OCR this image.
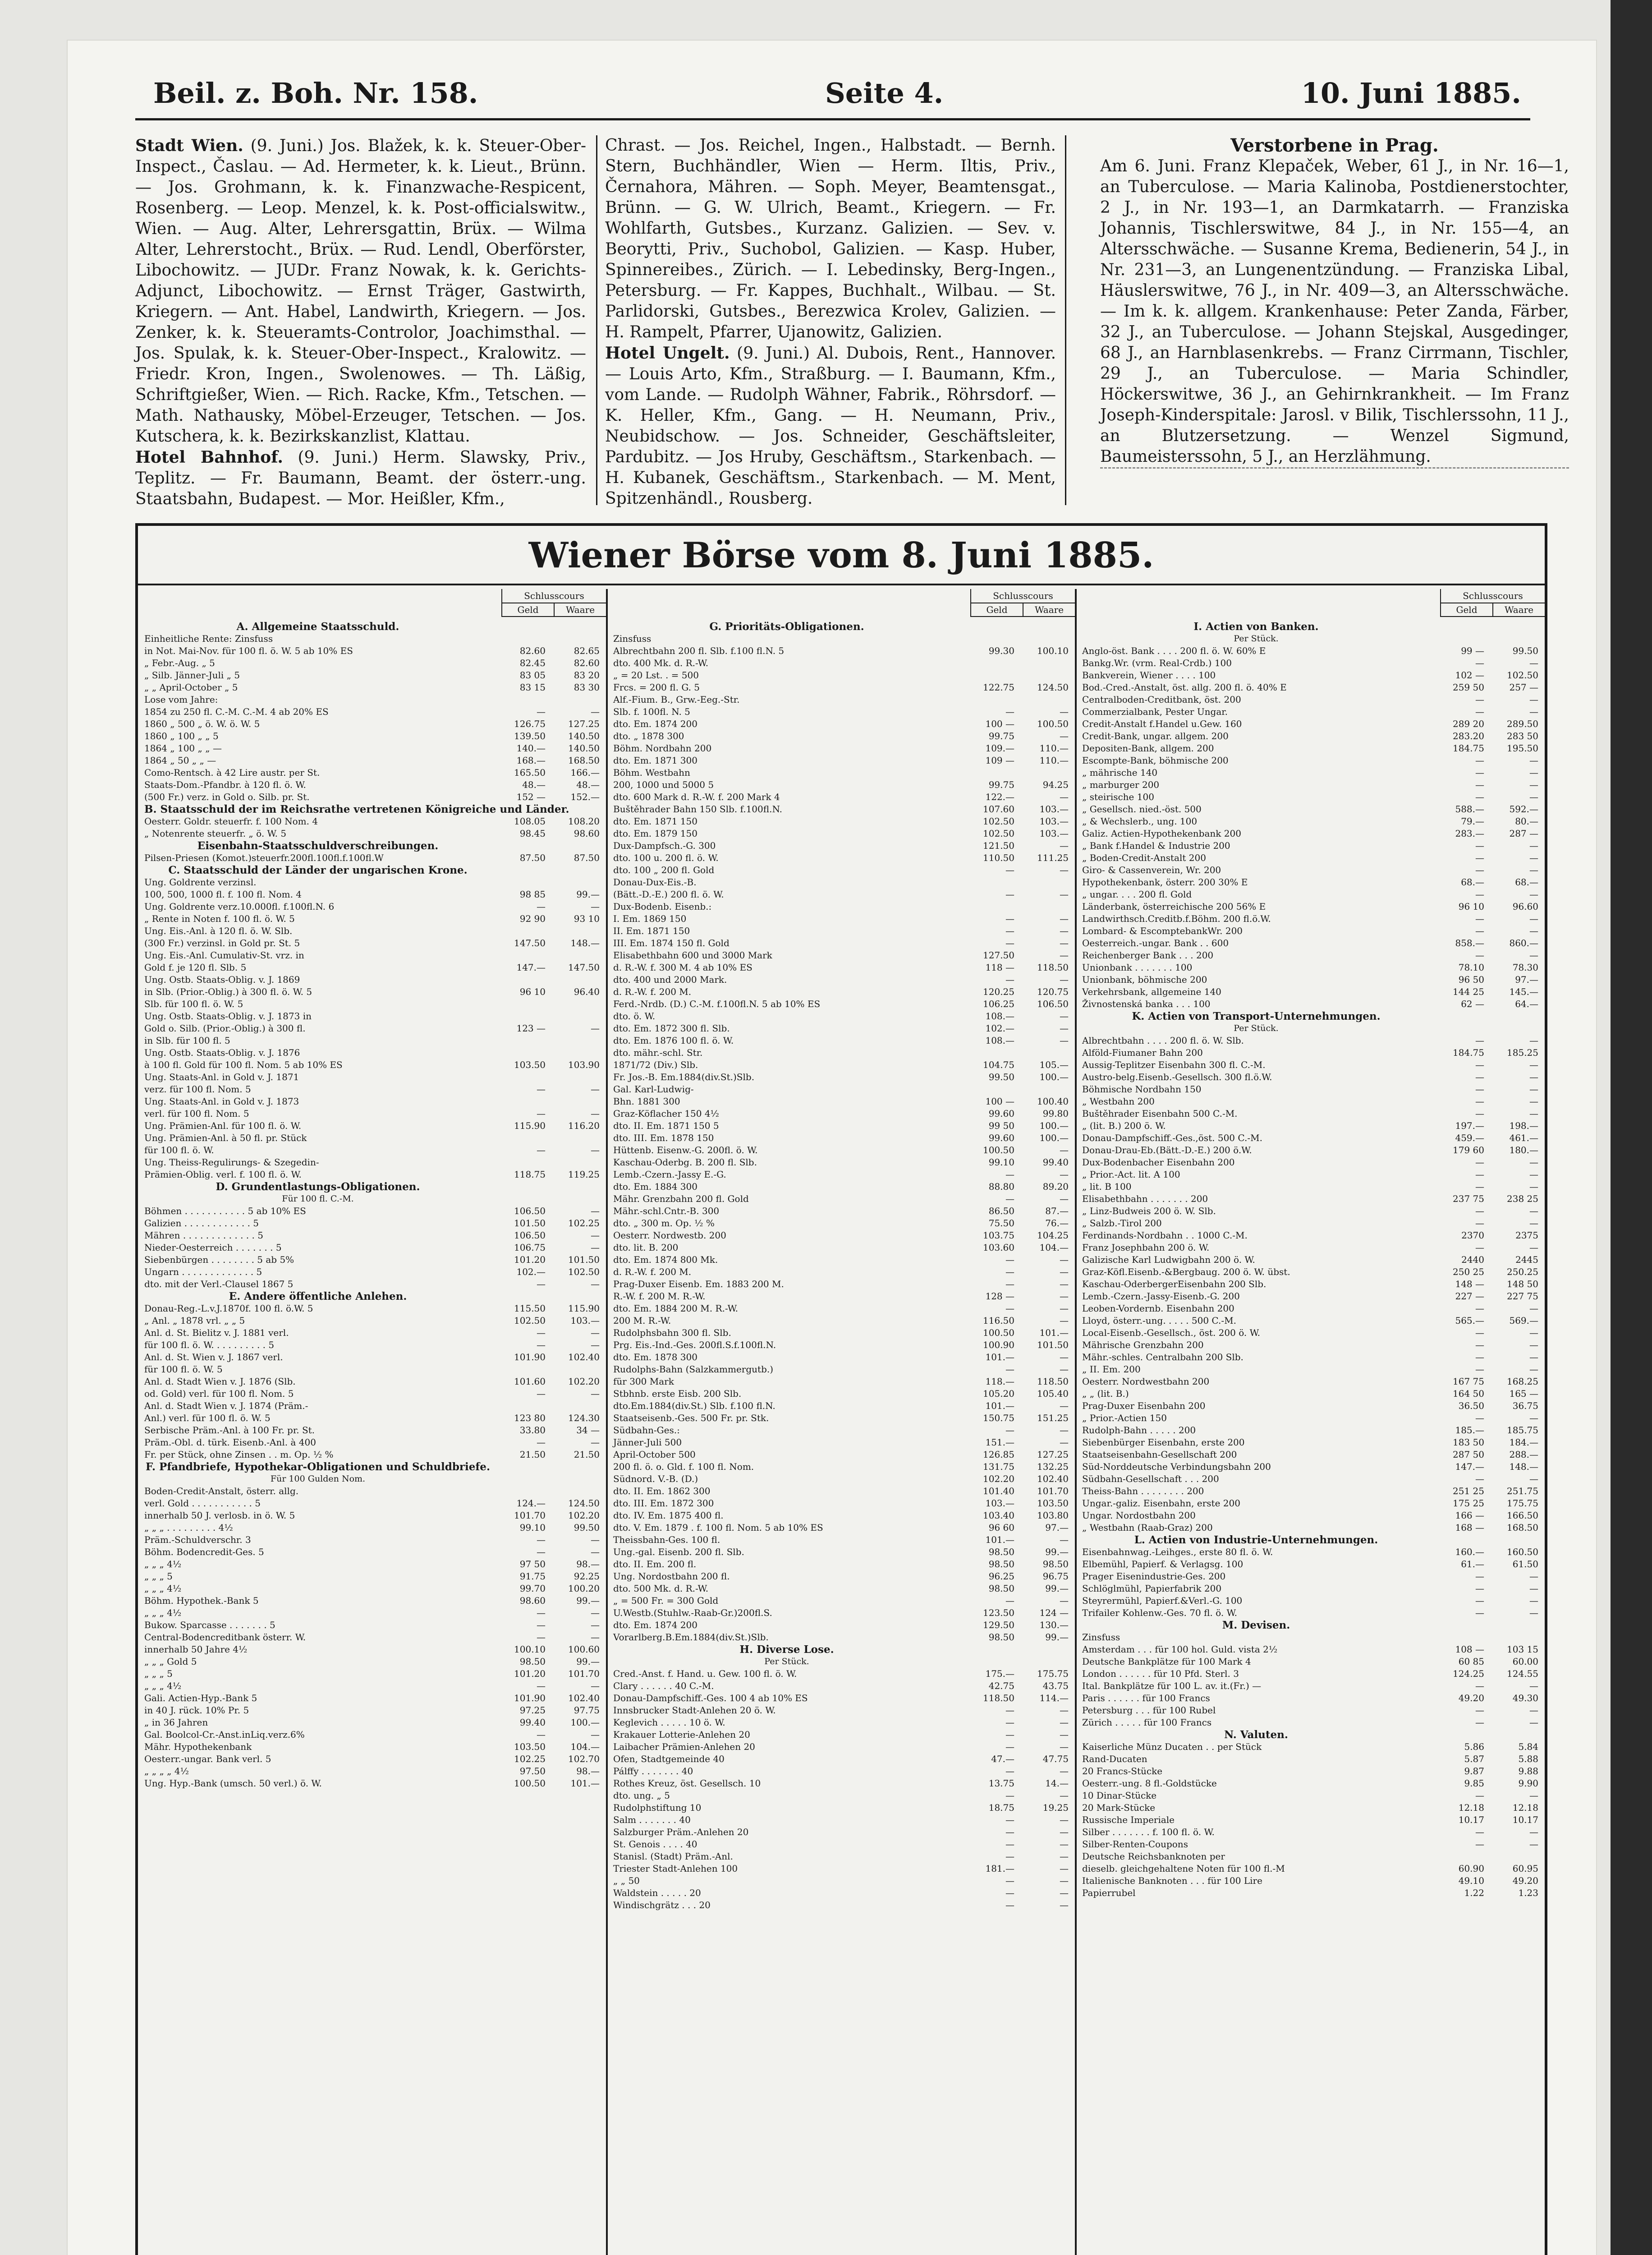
Beil. z. Boh. Nr. 158.	Seite 4.	10. Juni 1885.

Stadt Wien. (9. Juni.) Jos. Blažek, k. k. Steuer-Ober-Inspect., Časlau. — Ad. Hermeter, k. k. Lieut., Brünn. — Jos. Grohmann, k. k. Finanzwache-Respicent, Rosenberg. — Leop. Menzel, k. k. Post-officialswitw., Wien. — Aug. Alter, Lehrersgattin, Brüx. — Wilma Alter, Lehrerstocht., Brüx. — Rud. Lendl, Oberförster, Libochowitz. — JUDr. Franz Nowak, k. k. Gerichts-Adjunct, Libochowitz. — Ernst Träger, Gastwirth, Kriegern. — Ant. Habel, Landwirth, Kriegern. — Jos. Zenker, k. k. Steueramts-Controlor, Joachimsthal. — Jos. Spulak, k. k. Steuer-Ober-Inspect., Kralowitz. — Friedr. Kron, Ingen., Swolenowes. — Th. Läßig, Schriftgießer, Wien. — Rich. Racke, Kfm., Tetschen. — Math. Nathausky, Möbel-Erzeuger, Tetschen. — Jos. Kutschera, k. k. Bezirkskanzlist, Klattau.

Hotel Bahnhof. (9. Juni.) Herm. Slawsky, Priv., Teplitz. — Fr. Baumann, Beamt. der österr.-ung. Staatsbahn, Budapest. — Mor. Heißler, Kfm.,

Chrast. — Jos. Reichel, Ingen., Halbstadt. — Bernh. Stern, Buchhändler, Wien — Herm. Iltis, Priv., Černahora, Mähren. — Soph. Meyer, Beamtensgat., Brünn. — G. W. Ulrich, Beamt., Kriegern. — Fr. Wohlfarth, Gutsbes., Kurzanz. Galizien. — Sev. v. Beorytti, Priv., Suchobol, Galizien. — Kasp. Huber, Spinnereibes., Zürich. — I. Lebedinsky, Berg-Ingen., Petersburg. — Fr. Kappes, Buchhalt., Wilbau. — St. Parlidorski, Gutsbes., Berezwica Krolev, Galizien. — H. Rampelt, Pfarrer, Ujanowitz, Galizien.

Hotel Ungelt. (9. Juni.) Al. Dubois, Rent., Hannover. — Louis Arto, Kfm., Straßburg. — I. Baumann, Kfm., vom Lande. — Rudolph Wähner, Fabrik., Röhrsdorf. — K. Heller, Kfm., Gang. — H. Neumann, Priv., Neubidschow. — Jos. Schneider, Geschäftsleiter, Pardubitz. — Jos Hruby, Geschäftsm., Starkenbach. — H. Kubanek, Geschäftsm., Starkenbach. — M. Ment, Spitzenhändl., Rousberg.

Verstorbene in Prag.

Am 6. Juni. Franz Klepaček, Weber, 61 J., in Nr. 16—1, an Tuberculose. — Maria Kalinoba, Postdienerstochter, 2 J., in Nr. 193—1, an Darmkatarrh. — Franziska Johannis, Tischlerswitwe, 84 J., in Nr. 155—4, an Altersschwäche. — Susanne Krema, Bedienerin, 54 J., in Nr. 231—3, an Lungenentzündung. — Franziska Libal, Häuslerswitwe, 76 J., in Nr. 409—3, an Altersschwäche. — Im k. k. allgem. Krankenhause: Peter Zanda, Färber, 32 J., an Tuberculose. — Johann Stejskal, Ausgedinger, 68 J., an Harnblasenkrebs. — Franz Cirrmann, Tischler, 29 J., an Tuberculose. — Maria Schindler, Höckerswitwe, 36 J., an Gehirnkrankheit. — Im Franz Joseph-Kinderspitale: Jarosl. v Bilik, Tischlerssohn, 11 J., an Blutzersetzung. — Wenzel Sigmund, Baumeisterssohn, 5 J., an Herzlähmung.

Wiener Börse vom 8. Juni 1885.
Schlusscours
Geld	Waare
A. Allgemeine Staatsschuld.
Einheitliche Rente: Zinsfuss
in Not. Mai-Nov. für 100 fl. ö. W. 5 ab 10% ES	82.60	82.65
„ Febr.-Aug. „ 5	82.45	82.60
„ Silb. Jänner-Juli „ 5	83 05	83 20
„ „ April-October „ 5	83 15	83 30
Lose vom Jahre:
1854 zu 250 fl. C.-M. C.-M. 4 ab 20% ES	—	—
1860 „ 500 „ ö. W. ö. W. 5	126.75	127.25
1860 „ 100 „ „ 5	139.50	140.50
1864 „ 100 „ „ —	140.—	140.50
1864 „ 50 „ „ —	168.—	168.50
Como-Rentsch. à 42 Lire austr. per St.	165.50	166.—
Staats-Dom.-Pfandbr. à 120 fl. ö. W.	48.—	48.—
(500 Fr.) verz. in Gold o. Silb. pr. St.	152 —	152.—
B. Staatsschuld der im Reichsrathe vertretenen Königreiche und Länder.
Oesterr. Goldr. steuerfr. f. 100 Nom. 4	108.05	108.20
„ Notenrente steuerfr. „ ö. W. 5	98.45	98.60
Eisenbahn-Staatsschuldverschreibungen.
Pilsen-Priesen (Komot.)steuerfr.200fl.100fl.f.100fl.W	87.50	87.50
C. Staatsschuld der Länder der ungarischen Krone.
Ung. Goldrente verzinsl.
100, 500, 1000 fl. f. 100 fl. Nom. 4	98 85	99.—
Ung. Goldrente verz.10.000fl. f.100fl.N. 6	—	—
„ Rente in Noten f. 100 fl. ö. W. 5	92 90	93 10
Ung. Eis.-Anl. à 120 fl. ö. W. Slb.
(300 Fr.) verzinsl. in Gold pr. St. 5	147.50	148.—
Ung. Eis.-Anl. Cumulativ-St. vrz. in
Gold f. je 120 fl. Slb. 5	147.—	147.50
Ung. Ostb. Staats-Oblig. v. J. 1869
in Slb. (Prior.-Oblig.) à 300 fl. ö. W. 5	96 10	96.40
Slb. für 100 fl. ö. W. 5
Ung. Ostb. Staats-Oblig. v. J. 1873 in
Gold o. Silb. (Prior.-Oblig.) à 300 fl.	123 —	—
in Slb. für 100 fl. 5
Ung. Ostb. Staats-Oblig. v. J. 1876
à 100 fl. Gold für 100 fl. Nom. 5 ab 10% ES	103.50	103.90
Ung. Staats-Anl. in Gold v. J. 1871
verz. für 100 fl. Nom. 5	—	—
Ung. Staats-Anl. in Gold v. J. 1873
verl. für 100 fl. Nom. 5	—	—
Ung. Prämien-Anl. für 100 fl. ö. W.	115.90	116.20
Ung. Prämien-Anl. à 50 fl. pr. Stück
für 100 fl. ö. W.	—	—
Ung. Theiss-Regulirungs- & Szegedin-
Prämien-Oblig. verl. f. 100 fl. ö. W.	118.75	119.25
D. Grundentlastungs-Obligationen.
Für 100 fl. C.-M.
Böhmen . . . . . . . . . . . 5 ab 10% ES	106.50	—
Galizien . . . . . . . . . . . . 5	101.50	102.25
Mähren . . . . . . . . . . . . . 5	106.50	—
Nieder-Oesterreich . . . . . . . 5	106.75	—
Siebenbürgen . . . . . . . . 5 ab 5%	101.20	101.50
Ungarn . . . . . . . . . . . . . 5	102.—	102.50
dto. mit der Verl.-Clausel 1867 5	—	—
E. Andere öffentliche Anlehen.
Donau-Reg.-L.v.J.1870f. 100 fl. ö.W. 5	115.50	115.90
„ Anl. „ 1878 vrl. „ „ 5	102.50	103.—
Anl. d. St. Bielitz v. J. 1881 verl.	—	—
für 100 fl. ö. W. . . . . . . . . . 5	—	—
Anl. d. St. Wien v. J. 1867 verl.	101.90	102.40
für 100 fl. ö. W. 5
Anl. d. Stadt Wien v. J. 1876 (Slb.	101.60	102.20
od. Gold) verl. für 100 fl. Nom. 5	—	—
Anl. d. Stadt Wien v. J. 1874 (Präm.-
Anl.) verl. für 100 fl. ö. W. 5	123 80	124.30
Serbische Präm.-Anl. à 100 Fr. pr. St.	33.80	34 —
Präm.-Obl. d. türk. Eisenb.-Anl. à 400	—	—
Fr. per Stück, ohne Zinsen . . m. Op. ½ %	21.50	21.50
F. Pfandbriefe, Hypothekar-Obligationen und Schuldbriefe.
Für 100 Gulden Nom.
Boden-Credit-Anstalt, österr. allg.
verl. Gold . . . . . . . . . . . 5	124.—	124.50
innerhalb 50 J. verlosb. in ö. W. 5	101.70	102.20
„ „ „ . . . . . . . . . 4½	99.10	99.50
Präm.-Schuldverschr. 3	—	—
Böhm. Bodencredit-Ges. 5	—	—
„ „ „ 4½	97 50	98.—
„ „ „ 5	91.75	92.25
„ „ „ 4½	99.70	100.20
Böhm. Hypothek.-Bank 5	98.60	99.—
„ „ „ 4½	—	—
Bukow. Sparcasse . . . . . . . 5	—	—
Central-Bodencreditbank österr. W.	—	—
innerhalb 50 Jahre 4½	100.10	100.60
„ „ „ Gold 5	98.50	99.—
„ „ „ 5	101.20	101.70
„ „ „ 4½	—	—
Gali. Actien-Hyp.-Bank 5	101.90	102.40
in 40 J. rück. 10% Pr. 5	97.25	97.75
„ in 36 Jahren	99.40	100.—
Gal. Boolcol-Cr.-Anst.inLiq.verz.6%	—	—
Mähr. Hypothekenbank	103.50	104.—
Oesterr.-ungar. Bank verl. 5	102.25	102.70
„ „ „ „ 4½	97.50	98.—
Ung. Hyp.-Bank (umsch. 50 verl.) ö. W.	100.50	101.—
Schlusscours
Geld	Waare
G. Prioritäts-Obligationen.
Zinsfuss
Albrechtbahn 200 fl. Slb. f.100 fl.N. 5	99.30	100.10
dto. 400 Mk. d. R.-W.
„ = 20 Lst. . = 500
Frcs. = 200 fl. G. 5	122.75	124.50
Alf.-Fium. B., Grw.-Eeg.-Str.
Slb. f. 100fl. N. 5	—	—
dto. Em. 1874 200	100 —	100.50
dto. „ 1878 300	99.75	—
Böhm. Nordbahn 200	109.—	110.—
dto. Em. 1871 300	109 —	110.—
Böhm. Westbahn
200, 1000 und 5000 5	99.75	94.25
dto. 600 Mark d. R.-W. f. 200 Mark 4	122.—	—
Buštěhrader Bahn 150 Slb. f.100fl.N.	107.60	103.—
dto. Em. 1871 150	102.50	103.—
dto. Em. 1879 150	102.50	103.—
Dux-Dampfsch.-G. 300	121.50	—
dto. 100 u. 200 fl. ö. W.	110.50	111.25
dto. 100 „ 200 fl. Gold	—	—
Donau-Dux-Eis.-B.
(Bätt.-D.-E.) 200 fl. ö. W.	—	—
Dux-Bodenb. Eisenb.:
I. Em. 1869 150	—	—
II. Em. 1871 150	—	—
III. Em. 1874 150 fl. Gold	—	—
Elisabethbahn 600 und 3000 Mark	127.50	—
d. R.-W. f. 300 M. 4 ab 10% ES	118 —	118.50
dto. 400 und 2000 Mark.	—	—
d. R.-W. f. 200 M.	120.25	120.75
Ferd.-Nrdb. (D.) C.-M. f.100fl.N. 5 ab 10% ES	106.25	106.50
dto. ö. W.	108.—	—
dto. Em. 1872 300 fl. Slb.	102.—	—
dto. Em. 1876 100 fl. ö. W.	108.—	—
dto. mähr.-schl. Str.
1871/72 (Div.) Slb.	104.75	105.—
Fr. Jos.-B. Em.1884(div.St.)Slb.	99.50	100.—
Gal. Karl-Ludwig-
Bhn. 1881 300	100 —	100.40
Graz-Köflacher 150 4½	99.60	99.80
dto. II. Em. 1871 150 5	99 50	100.—
dto. III. Em. 1878 150	99.60	100.—
Hüttenb. Eisenw.-G. 200fl. ö. W.	100.50	—
Kaschau-Oderbg. B. 200 fl. Slb.	99.10	99.40
Lemb.-Czern.-Jassy E.-G.	—	—
dto. Em. 1884 300	88.80	89.20
Mähr. Grenzbahn 200 fl. Gold	—	—
Mähr.-schl.Cntr.-B. 300	86.50	87.—
dto. „ 300 m. Op. ½ %	75.50	76.—
Oesterr. Nordwestb. 200	103.75	104.25
dto. lit. B. 200	103.60	104.—
dto. Em. 1874 800 Mk.	—	—
d. R.-W. f. 200 M.	—	—
Prag-Duxer Eisenb. Em. 1883 200 M.	—	—
R.-W. f. 200 M. R.-W.	128 —	—
dto. Em. 1884 200 M. R.-W.	—	—
200 M. R.-W.	116.50	—
Rudolphsbahn 300 fl. Slb.	100.50	101.—
Prg. Eis.-Ind.-Ges. 200fl.S.f.100fl.N.	100.90	101.50
dto. Em. 1878 300	101.—	—
Rudolphs-Bahn (Salzkammergutb.)	—	—
für 300 Mark	118.—	118.50
Stbhnb. erste Eisb. 200 Slb.	105.20	105.40
dto.Em.1884(div.St.) Slb. f.100 fl.N.	101.—	—
Staatseisenb.-Ges. 500 Fr. pr. Stk.	150.75	151.25
Südbahn-Ges.:	—	—
Jänner-Juli 500	151.—	—
April-October 500	126.85	127.25
200 fl. ö. o. Gld. f. 100 fl. Nom.	131.75	132.25
Südnord. V.-B. (D.)	102.20	102.40
dto. II. Em. 1862 300	101.40	101.70
dto. III. Em. 1872 300	103.—	103.50
dto. IV. Em. 1875 400 fl.	103.40	103.80
dto. V. Em. 1879 . f. 100 fl. Nom. 5 ab 10% ES	96 60	97.—
Theissbahn-Ges. 100 fl.	101.—	—
Ung.-gal. Eisenb. 200 fl. Slb.	98.50	99.—
dto. II. Em. 200 fl.	98.50	98.50
Ung. Nordostbahn 200 fl.	96.25	96.75
dto. 500 Mk. d. R.-W.	98.50	99.—
„ = 500 Fr. = 300 Gold	—	—
U.Westb.(Stuhlw.-Raab-Gr.)200fl.S.	123.50	124 —
dto. Em. 1874 200	129.50	130.—
Vorarlberg.B.Em.1884(div.St.)Slb.	98.50	99.—
H. Diverse Lose.
Per Stück.
Cred.-Anst. f. Hand. u. Gew. 100 fl. ö. W.	175.—	175.75
Clary . . . . . . 40 C.-M.	42.75	43.75
Donau-Dampfschiff.-Ges. 100 4 ab 10% ES	118.50	114.—
Innsbrucker Stadt-Anlehen 20 ö. W.	—	—
Keglevich . . . . . 10 ö. W.	—	—
Krakauer Lotterie-Anlehen 20	—	—
Laibacher Prämien-Anlehen 20	—	—
Ofen, Stadtgemeinde 40	47.—	47.75
Pálffy . . . . . . . 40	—	—
Rothes Kreuz, öst. Gesellsch. 10	13.75	14.—
dto. ung. „ 5	—	—
Rudolphstiftung 10	18.75	19.25
Salm . . . . . . . 40	—	—
Salzburger Präm.-Anlehen 20	—	—
St. Genois . . . . 40	—	—
Stanisl. (Stadt) Präm.-Anl.	—	—
Triester Stadt-Anlehen 100	181.—	—
„ „ 50	—	—
Waldstein . . . . . 20	—	—
Windischgrätz . . . 20	—	—
Schlusscours
Geld	Waare
I. Actien von Banken.
Per Stück.
Anglo-öst. Bank . . . . 200 fl. ö. W. 60% E	99 —	99.50
Bankg.Wr. (vrm. Real-Crdb.) 100	—	—
Bankverein, Wiener . . . . 100	102 —	102.50
Bod.-Cred.-Anstalt, öst. allg. 200 fl. ö. 40% E	259 50	257 —
Centralboden-Creditbank, öst. 200	—	—
Commerzialbank, Pester Ungar.	—	—
Credit-Anstalt f.Handel u.Gew. 160	289 20	289.50
Credit-Bank, ungar. allgem. 200	283.20	283 50
Depositen-Bank, allgem. 200	184.75	195.50
Escompte-Bank, böhmische 200	—	—
„ mährische 140	—	—
„ marburger 200	—	—
„ steirische 100	—	—
„ Gesellsch. nied.-öst. 500	588.—	592.—
„ & Wechslerb., ung. 100	79.—	80.—
Galiz. Actien-Hypothekenbank 200	283.—	287 —
„ Bank f.Handel & Industrie 200	—	—
„ Boden-Credit-Anstalt 200	—	—
Giro- & Cassenverein, Wr. 200	—	—
Hypothekenbank, österr. 200 30% E	68.—	68.—
„ ungar. . . . 200 fl. Gold	—	—
Länderbank, österreichische 200 56% E	96 10	96.60
Landwirthsch.Creditb.f.Böhm. 200 fl.ö.W.	—	—
Lombard- & EscomptebankWr. 200	—	—
Oesterreich.-ungar. Bank . . 600	858.—	860.—
Reichenberger Bank . . . 200	—	—
Unionbank . . . . . . . 100	78.10	78.30
Unionbank, böhmische 200	96 50	97.—
Verkehrsbank, allgemeine 140	144 25	145.—
Živnostenská banka . . . 100	62 —	64.—
K. Actien von Transport-Unternehmungen.
Per Stück.
Albrechtbahn . . . . 200 fl. ö. W. Slb.	—	—
Alföld-Fiumaner Bahn 200	184.75	185.25
Aussig-Teplitzer Eisenbahn 300 fl. C.-M.	—	—
Austro-belg.Eisenb.-Gesellsch. 300 fl.ö.W.	—	—
Böhmische Nordbahn 150	—	—
„ Westbahn 200	—	—
Buštěhrader Eisenbahn 500 C.-M.	—	—
„ (lit. B.) 200 ö. W.	197.—	198.—
Donau-Dampfschiff.-Ges.,öst. 500 C.-M.	459.—	461.—
Donau-Drau-Eb.(Bätt.-D.-E.) 200 ö.W.	179 60	180.—
Dux-Bodenbacher Eisenbahn 200	—	—
„ Prior.-Act. lit. A 100	—	—
„ lit. B 100	—	—
Elisabethbahn . . . . . . . 200	237 75	238 25
„ Linz-Budweis 200 ö. W. Slb.	—	—
„ Salzb.-Tirol 200	—	—
Ferdinands-Nordbahn . . 1000 C.-M.	2370	2375
Franz Josephbahn 200 ö. W.	—	—
Galizische Karl Ludwigbahn 200 ö. W.	2440	2445
Graz-Köfl.Eisenb.-&Bergbaug. 200 ö. W. übst.	250 25	250.25
Kaschau-OderbergerEisenbahn 200 Slb.	148 —	148 50
Lemb.-Czern.-Jassy-Eisenb.-G. 200	227 —	227 75
Leoben-Vordernb. Eisenbahn 200	—	—
Lloyd, österr.-ung. . . . . 500 C.-M.	565.—	569.—
Local-Eisenb.-Gesellsch., öst. 200 ö. W.	—	—
Mährische Grenzbahn 200	—	—
Mähr.-schles. Centralbahn 200 Slb.	—	—
„ II. Em. 200	—	—
Oesterr. Nordwestbahn 200	167 75	168.25
„ „ (lit. B.)	164 50	165 —
Prag-Duxer Eisenbahn 200	36.50	36.75
„ Prior.-Actien 150	—	—
Rudolph-Bahn . . . . . 200	185.—	185.75
Siebenbürger Eisenbahn, erste 200	183 50	184.—
Staatseisenbahn-Gesellschaft 200	287 50	288.—
Süd-Norddeutsche Verbindungsbahn 200	147.—	148.—
Südbahn-Gesellschaft . . . 200	—	—
Theiss-Bahn . . . . . . . . 200	251 25	251.75
Ungar.-galiz. Eisenbahn, erste 200	175 25	175.75
Ungar. Nordostbahn 200	166 —	166.50
„ Westbahn (Raab-Graz) 200	168 —	168.50
L. Actien von Industrie-Unternehmungen.
Eisenbahnwag.-Leihges., erste 80 fl. ö. W.	160.—	160.50
Elbemühl, Papierf. & Verlagsg. 100	61.—	61.50
Prager Eisenindustrie-Ges. 200	—	—
Schlöglmühl, Papierfabrik 200	—	—
Steyrermühl, Papierf.&Verl.-G. 100	—	—
Trifailer Kohlenw.-Ges. 70 fl. ö. W.	—	—
M. Devisen.
Zinsfuss
Amsterdam . . . für 100 hol. Guld. vista 2½	108 —	103 15
Deutsche Bankplätze für 100 Mark 4	60 85	60.00
London . . . . . . für 10 Pfd. Sterl. 3	124.25	124.55
Ital. Bankplätze für 100 L. av. it.(Fr.) —	—	—
Paris . . . . . . für 100 Francs	49.20	49.30
Petersburg . . . für 100 Rubel	—	—
Zürich . . . . . für 100 Francs	—	—
N. Valuten.
Kaiserliche Münz Ducaten . . per Stück	5.86	5.84
Rand-Ducaten	5.87	5.88
20 Francs-Stücke	9.87	9.88
Oesterr.-ung. 8 fl.-Goldstücke	9.85	9.90
10 Dinar-Stücke	—	—
20 Mark-Stücke	12.18	12.18
Russische Imperiale	10.17	10.17
Silber . . . . . . . f. 100 fl. ö. W.	—	—
Silber-Renten-Coupons	—	—
Deutsche Reichsbanknoten per
dieselb. gleichgehaltene Noten für 100 fl.-M	60.90	60.95
Italienische Banknoten . . . für 100 Lire	49.10	49.20
Papierrubel	1.22	1.23
